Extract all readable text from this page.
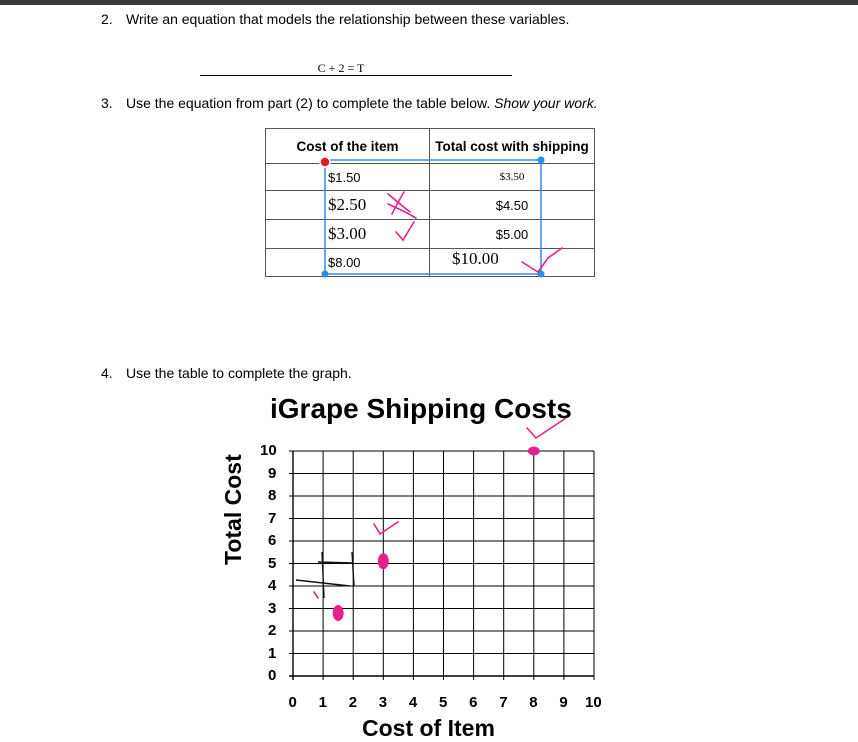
2. Write an equation that models the relationship between these variables.
C + 2 = T
3. Use the equation from part (2) to complete the table below. Show your work.
Cost of the item	Total cost with shipping
$1.50	$3.50
$2.50	$4.50
$3.00	$5.00
$8.00	$10.00
4. Use the table to complete the graph.
iGrape Shipping Costs
Total Cost
Cost of Item
0 1 2 3 4 5 6 7 8 9 10
0
1
2
3
4
5
6
7
8
9
10
